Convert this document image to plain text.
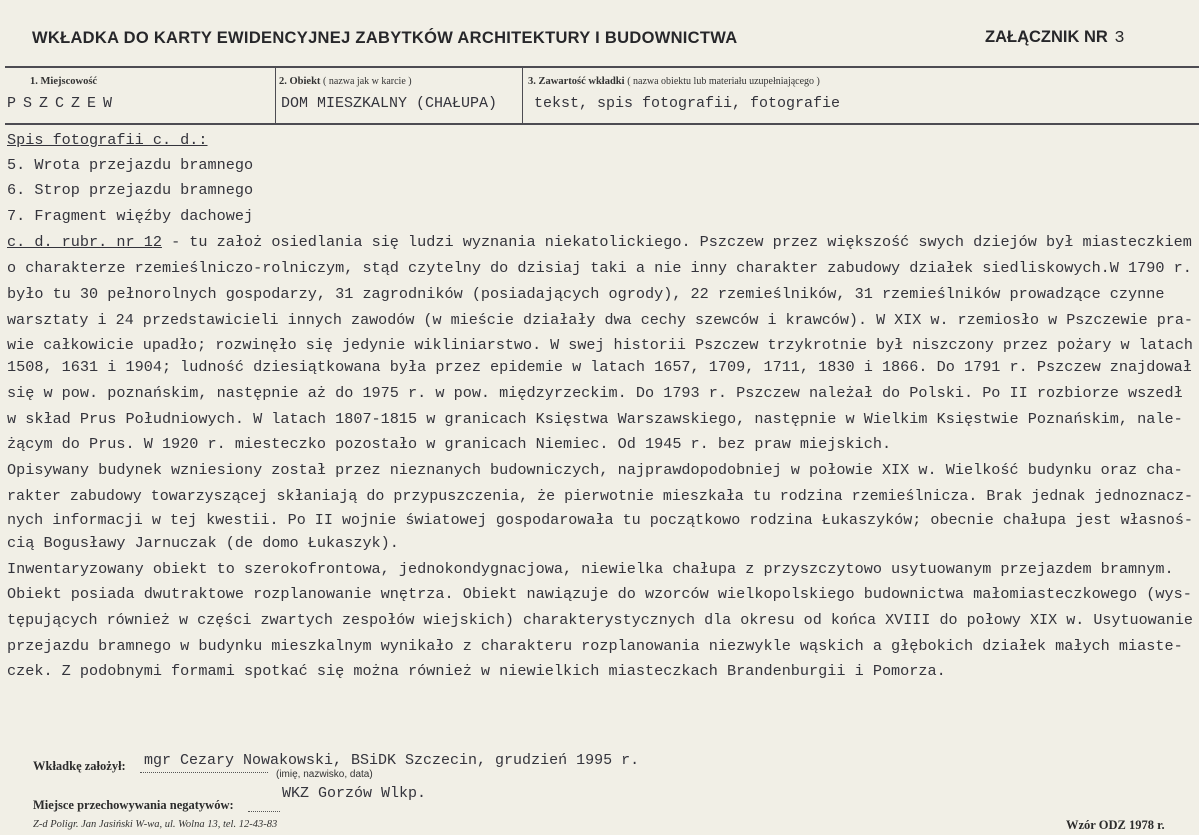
WKŁADKA DO KARTY EWIDENCYJNEJ ZABYTKÓW ARCHITEKTURY I BUDOWNICTWA	ZAŁĄCZNIK NR 3
1. Miejscowość	2. Obiekt ( nazwa jak w karcie )	3. Zawartość wkładki ( nazwa obiektu lub materiału uzupełniającego )
PSZCZEW	DOM MIESZKALNY (CHAŁUPA) tekst, spis fotografii, fotografie
Spis fotografii c. d.:
5. Wrota przejazdu bramnego
6. Strop przejazdu bramnego
7. Fragment więźby dachowej
c. d. rubr. nr 12 - tu założ osiedlania się ludzi wyznania niekatolickiego. Pszczew przez większość swych dziejów był miasteczkiem
o charakterze rzemieślniczo-rolniczym, stąd czytelny do dzisiaj taki a nie inny charakter zabudowy działek siedliskowych.W 1790 r.
było tu 30 pełnorolnych gospodarzy, 31 zagrodników (posiadających ogrody), 22 rzemieślników, 31 rzemieślników prowadzące czynne
warsztaty i 24 przedstawicieli innych zawodów (w mieście działały dwa cechy szewców i krawców). W XIX w. rzemiosło w Pszczewie pra-
wie całkowicie upadło; rozwinęło się jedynie wikliniarstwo. W swej historii Pszczew trzykrotnie był niszczony przez pożary w latach
1508, 1631 i 1904; ludność dziesiątkowana była przez epidemie w latach 1657, 1709, 1711, 1830 i 1866. Do 1791 r. Pszczew znajdował
się w pow. poznańskim, następnie aż do 1975 r. w pow. międzyrzeckim. Do 1793 r. Pszczew należał do Polski. Po II rozbiorze wszedł
w skład Prus Południowych. W latach 1807-1815 w granicach Księstwa Warszawskiego, następnie w Wielkim Księstwie Poznańskim, nale-
żącym do Prus. W 1920 r. miesteczko pozostało w granicach Niemiec. Od 1945 r. bez praw miejskich.
Opisywany budynek wzniesiony został przez nieznanych budowniczych, najprawdopodobniej w połowie XIX w. Wielkość budynku oraz cha-
rakter zabudowy towarzyszącej skłaniają do przypuszczenia, że pierwotnie mieszkała tu rodzina rzemieślnicza. Brak jednak jednoznacz-
nych informacji w tej kwestii. Po II wojnie światowej gospodarowała tu początkowo rodzina Łukaszyków; obecnie chałupa jest własnoś-
cią Bogusławy Jarnuczak (de domo Łukaszyk).
Inwentaryzowany obiekt to szerokofrontowa, jednokondygnacjowa, niewielka chałupa z przyszczytowo usytuowanym przejazdem bramnym.
Obiekt posiada dwutraktowe rozplanowanie wnętrza. Obiekt nawiązuje do wzorców wielkopolskiego budownictwa małomiasteczkowego (wys-
tępujących również w części zwartych zespołów wiejskich) charakterystycznych dla okresu od końca XVIII do połowy XIX w. Usytuowanie
przejazdu bramnego w budynku mieszkalnym wynikało z charakteru rozplanowania niezwykle wąskich a głębokich działek małych miaste-
czek. Z podobnymi formami spotkać się można również w niewielkich miasteczkach Brandenburgii i Pomorza.
Wkładkę założył: mgr Cezary Nowakowski, BSiDK Szczecin, grudzień 1995 r.
(imię, nazwisko, data)
Miejsce przechowywania negatywów:
WKZ Gorzów Wlkp.
Z-d Poligr. Jan Jasiński W-wa, ul. Wolna 13, tel. 12-43-83	Wzór ODZ 1978 r.
